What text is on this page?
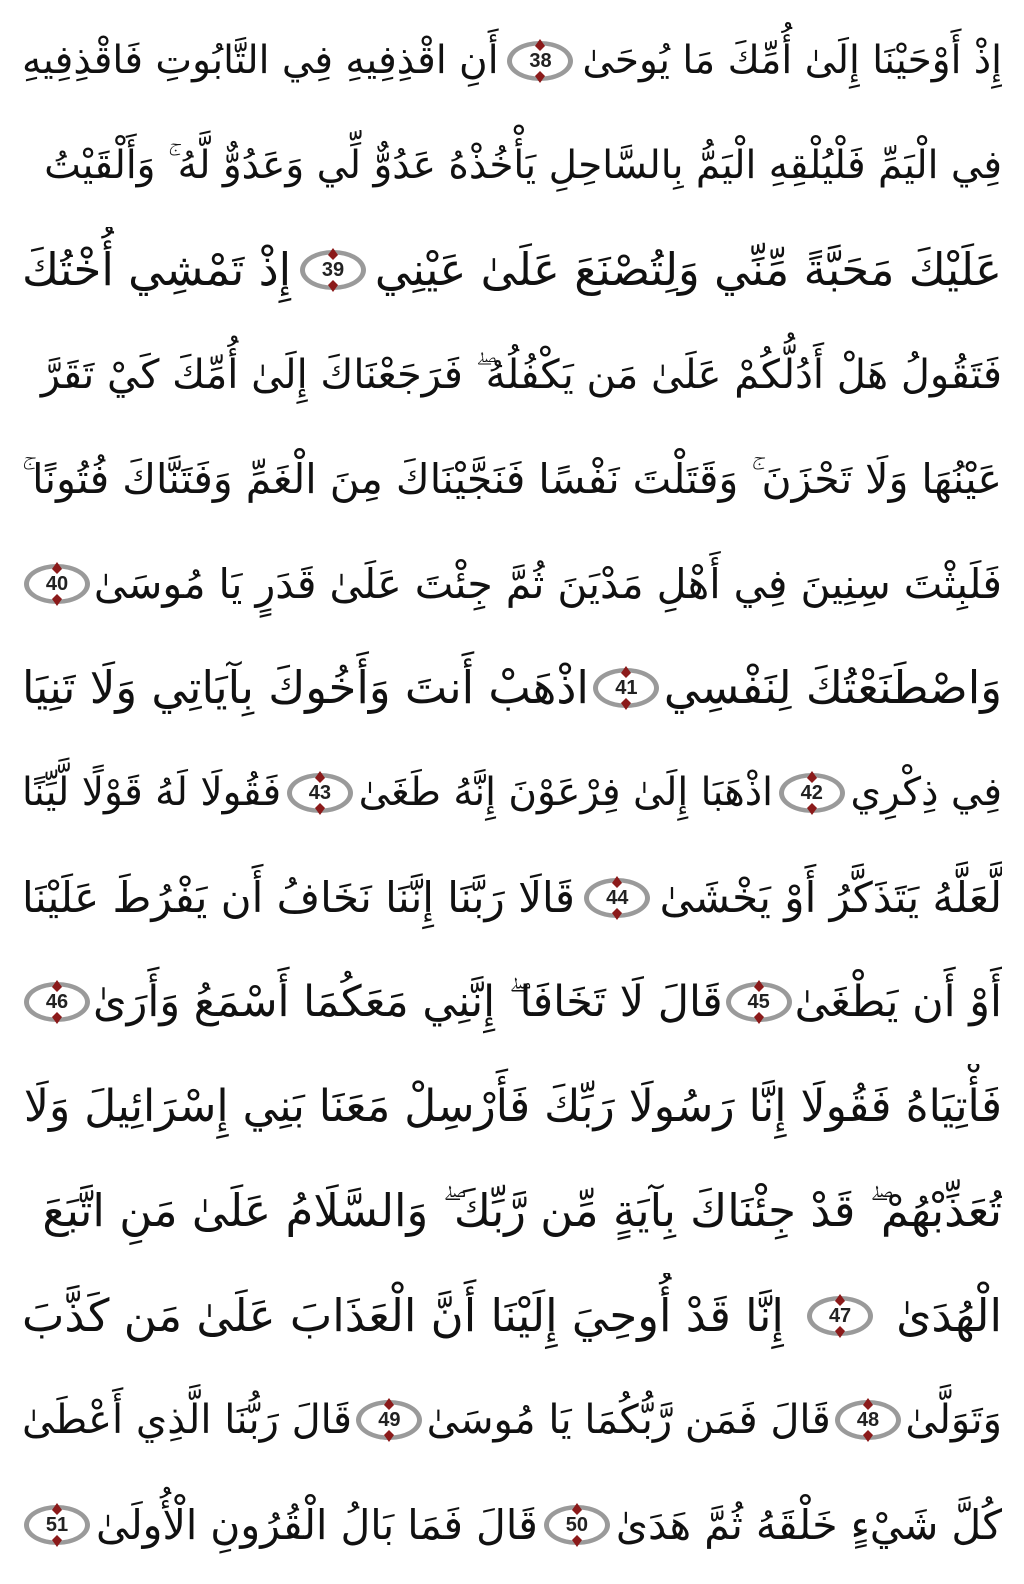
إِذْ أَوْحَيْنَا إِلَىٰ أُمِّكَ مَا يُوحَىٰ
38
أَنِ اقْذِفِيهِ فِي التَّابُوتِ فَاقْذِفِيهِ
فِي الْيَمِّ فَلْيُلْقِهِ الْيَمُّ بِالسَّاحِلِ يَأْخُذْهُ عَدُوٌّ لِّي وَعَدُوٌّ لَّهُ ۚ وَأَلْقَيْتُ
عَلَيْكَ مَحَبَّةً مِّنِّي وَلِتُصْنَعَ عَلَىٰ عَيْنِي
39
إِذْ تَمْشِي أُخْتُكَ
فَتَقُولُ هَلْ أَدُلُّكُمْ عَلَىٰ مَن يَكْفُلُهُ ۖ فَرَجَعْنَاكَ إِلَىٰ أُمِّكَ كَيْ تَقَرَّ
عَيْنُهَا وَلَا تَحْزَنَ ۚ وَقَتَلْتَ نَفْسًا فَنَجَّيْنَاكَ مِنَ الْغَمِّ وَفَتَنَّاكَ فُتُونًا ۚ
فَلَبِثْتَ سِنِينَ فِي أَهْلِ مَدْيَنَ ثُمَّ جِئْتَ عَلَىٰ قَدَرٍ يَا مُوسَىٰ
40
وَاصْطَنَعْتُكَ لِنَفْسِي
41
اذْهَبْ أَنتَ وَأَخُوكَ بِآيَاتِي وَلَا تَنِيَا
فِي ذِكْرِي
42
اذْهَبَا إِلَىٰ فِرْعَوْنَ إِنَّهُ طَغَىٰ
43
فَقُولَا لَهُ قَوْلًا لَّيِّنًا
لَّعَلَّهُ يَتَذَكَّرُ أَوْ يَخْشَىٰ
44
قَالَا رَبَّنَا إِنَّنَا نَخَافُ أَن يَفْرُطَ عَلَيْنَا
أَوْ أَن يَطْغَىٰ
45
قَالَ لَا تَخَافَا ۖ إِنَّنِي مَعَكُمَا أَسْمَعُ وَأَرَىٰ
46
فَأْتِيَاهُ فَقُولَا إِنَّا رَسُولَا رَبِّكَ فَأَرْسِلْ مَعَنَا بَنِي إِسْرَائِيلَ وَلَا
تُعَذِّبْهُمْ ۖ قَدْ جِئْنَاكَ بِآيَةٍ مِّن رَّبِّكَ ۖ وَالسَّلَامُ عَلَىٰ مَنِ اتَّبَعَ
الْهُدَىٰ
47
إِنَّا قَدْ أُوحِيَ إِلَيْنَا أَنَّ الْعَذَابَ عَلَىٰ مَن كَذَّبَ
وَتَوَلَّىٰ
48
قَالَ فَمَن رَّبُّكُمَا يَا مُوسَىٰ
49
قَالَ رَبُّنَا الَّذِي أَعْطَىٰ
كُلَّ شَيْءٍ خَلْقَهُ ثُمَّ هَدَىٰ
50
قَالَ فَمَا بَالُ الْقُرُونِ الْأُولَىٰ
51
